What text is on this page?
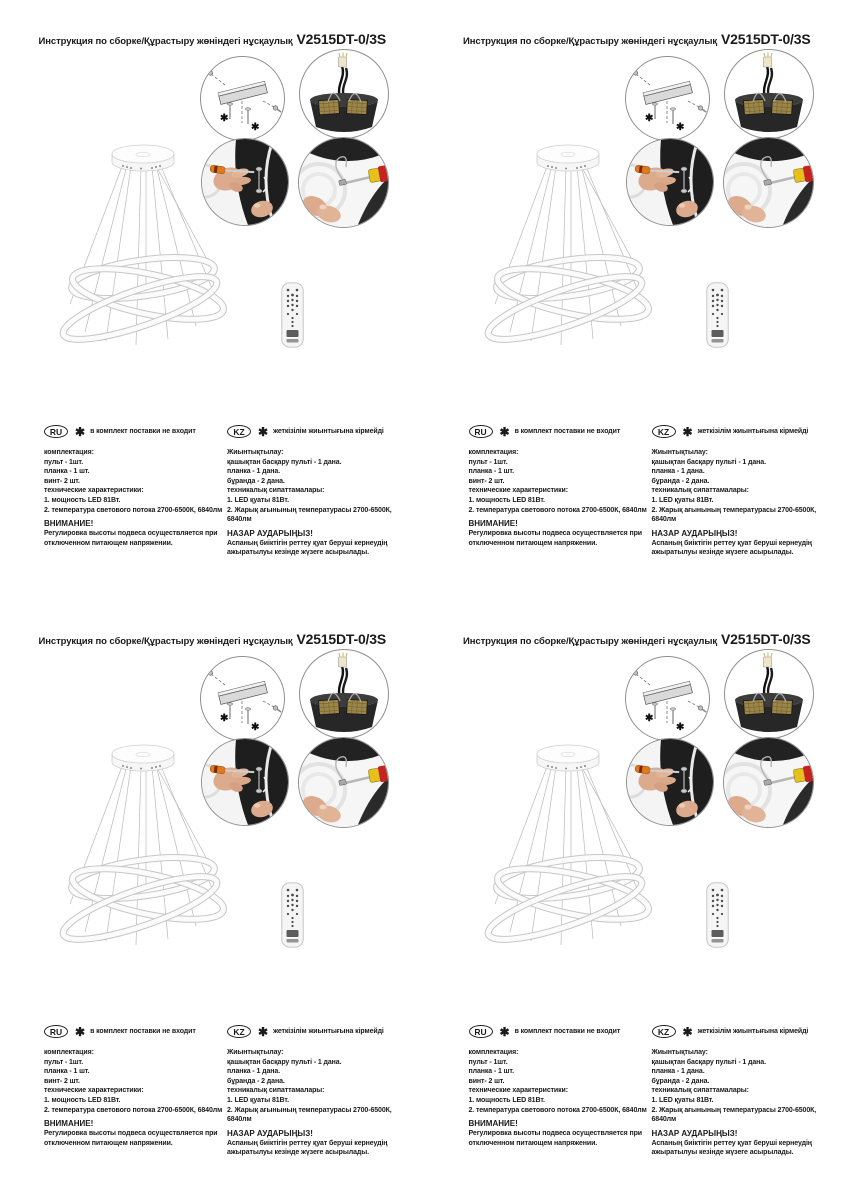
Инструкция по сборке/Құрастыру жөніндегі нұсқаулық V2515DT-0/3S
✱
✱
RU	✱ в комплект поставки не входит
комплектация:
пульт - 1шт.
планка - 1 шт.
винт- 2 шт.
технические характеристики:
1. мощность LED 81Вт.
2. температура светового потока 2700-6500К, 6840лм
ВНИМАНИЕ!
Регулировка высоты подвеса осуществляется при отключенном питающем напряжении.
KZ	✱ жеткізілім жиынтығына кірмейді
Жиынтықтылау:
қашықтан басқару пульті - 1 дана.
планка - 1 дана.
бұранда - 2 дана.
техникалық сипаттамалары:
1. LED қуаты 81Вт.
2. Жарық ағынының температурасы 2700-6500К, 6840лм
НАЗАР АУДАРЫҢЫЗ!
Аспаның биіктігін реттеу қуат беруші кернеудің ажыратылуы кезінде жүзеге асырылады.
Инструкция по сборке/Құрастыру жөніндегі нұсқаулық V2515DT-0/3S
✱
✱
RU	✱ в комплект поставки не входит
комплектация:
пульт - 1шт.
планка - 1 шт.
винт- 2 шт.
технические характеристики:
1. мощность LED 81Вт.
2. температура светового потока 2700-6500К, 6840лм
ВНИМАНИЕ!
Регулировка высоты подвеса осуществляется при отключенном питающем напряжении.
KZ	✱ жеткізілім жиынтығына кірмейді
Жиынтықтылау:
қашықтан басқару пульті - 1 дана.
планка - 1 дана.
бұранда - 2 дана.
техникалық сипаттамалары:
1. LED қуаты 81Вт.
2. Жарық ағынының температурасы 2700-6500К, 6840лм
НАЗАР АУДАРЫҢЫЗ!
Аспаның биіктігін реттеу қуат беруші кернеудің ажыратылуы кезінде жүзеге асырылады.
Инструкция по сборке/Құрастыру жөніндегі нұсқаулық V2515DT-0/3S
✱
✱
RU	✱ в комплект поставки не входит
комплектация:
пульт - 1шт.
планка - 1 шт.
винт- 2 шт.
технические характеристики:
1. мощность LED 81Вт.
2. температура светового потока 2700-6500К, 6840лм
ВНИМАНИЕ!
Регулировка высоты подвеса осуществляется при отключенном питающем напряжении.
KZ	✱ жеткізілім жиынтығына кірмейді
Жиынтықтылау:
қашықтан басқару пульті - 1 дана.
планка - 1 дана.
бұранда - 2 дана.
техникалық сипаттамалары:
1. LED қуаты 81Вт.
2. Жарық ағынының температурасы 2700-6500К, 6840лм
НАЗАР АУДАРЫҢЫЗ!
Аспаның биіктігін реттеу қуат беруші кернеудің ажыратылуы кезінде жүзеге асырылады.
Инструкция по сборке/Құрастыру жөніндегі нұсқаулық V2515DT-0/3S
✱
✱
RU	✱ в комплект поставки не входит
комплектация:
пульт - 1шт.
планка - 1 шт.
винт- 2 шт.
технические характеристики:
1. мощность LED 81Вт.
2. температура светового потока 2700-6500К, 6840лм
ВНИМАНИЕ!
Регулировка высоты подвеса осуществляется при отключенном питающем напряжении.
KZ	✱ жеткізілім жиынтығына кірмейді
Жиынтықтылау:
қашықтан басқару пульті - 1 дана.
планка - 1 дана.
бұранда - 2 дана.
техникалық сипаттамалары:
1. LED қуаты 81Вт.
2. Жарық ағынының температурасы 2700-6500К, 6840лм
НАЗАР АУДАРЫҢЫЗ!
Аспаның биіктігін реттеу қуат беруші кернеудің ажыратылуы кезінде жүзеге асырылады.
